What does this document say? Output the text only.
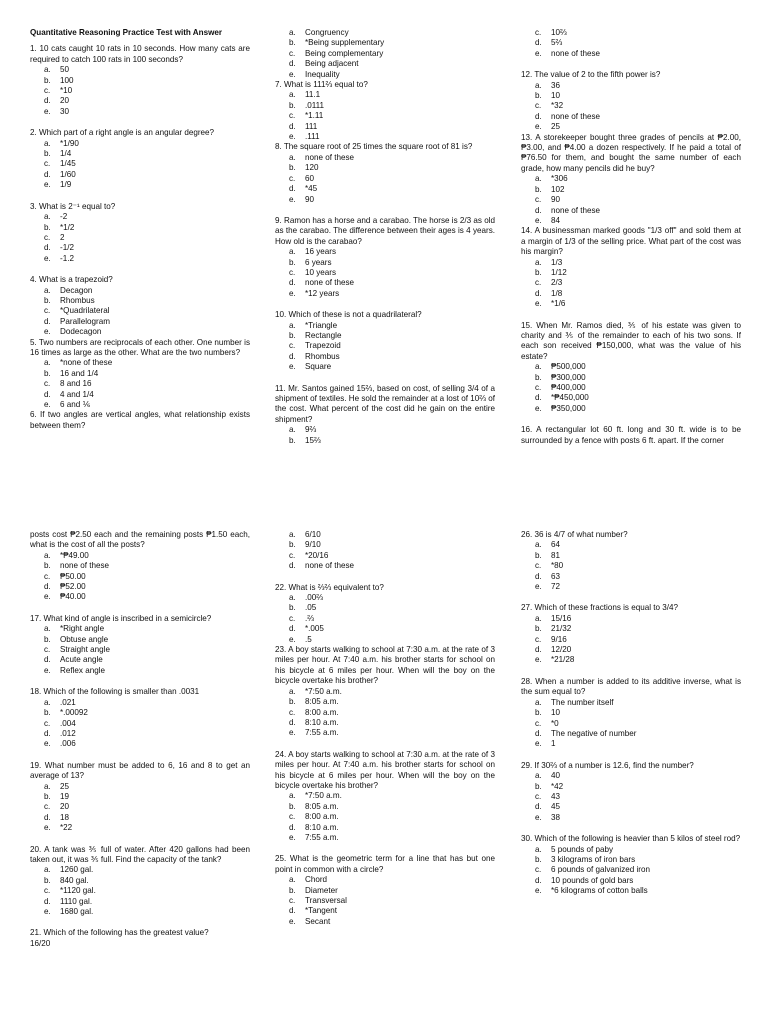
Quantitative Reasoning Practice Test with Answer
1. 10 cats caught 10 rats in 10 seconds. How many cats are required to catch 100 rats in 100 seconds?
a.	50
b.	100
c.	*10
d.	20
e.	30
2. Which part of a right angle is an angular degree?
a.	*1/90
b.	1/4
c.	1/45
d.	1/60
e.	1/9
3. What is 2⁻¹ equal to?
a.	-2
b.	*1/2
c.	2
d.	-1/2
e.	-1.2
4. What is a trapezoid?
a.	Decagon
b.	Rhombus
c.	*Quadrilateral
d.	Parallelogram
e.	Dodecagon
5. Two numbers are reciprocals of each other. One number is 16 times as large as the other. What are the two numbers?
a.	*none of these
b.	16 and 1/4
c.	8 and 16
d.	4 and 1/4
e.	6 and ⅙
6. If two angles are vertical angles, what relationship exists between them?
a.	Congruency
b.	*Being supplementary
c.	Being complementary
d.	Being adjacent
e.	Inequality
7. What is 111⅔ equal to?
a.	11.1
b.	.0111
c.	*1.11
d.	111
e.	.111
8. The square root of 25 times the square root of 81 is?
a.	none of these
b.	120
c.	60
d.	*45
e.	90
9. Ramon has a horse and a carabao. The horse is 2/3 as old as the carabao. The difference between their ages is 4 years. How old is the carabao?
a.	16 years
b.	6 years
c.	10 years
d.	none of these
e.	*12 years
10. Which of these is not a quadrilateral?
a.	*Triangle
b.	Rectangle
c.	Trapezoid
d.	Rhombus
e.	Square
11. Mr. Santos gained 15⅔, based on cost, of selling 3/4 of a shipment of textiles. He sold the remainder at a lost of 10⅔ of the cost. What percent of the cost did he gain on the entire shipment?
a.	9⅔
b.	15⅔
c.	10⅔
d.	5⅔
e.	none of these
12. The value of 2 to the fifth power is?
a.	36
b.	10
c.	*32
d.	none of these
e.	25
13. A storekeeper bought three grades of pencils at ₱2.00, ₱3.00, and ₱4.00 a dozen respectively. If he paid a total of ₱76.50 for them, and bought the same number of each grade, how many pencils did he buy?
a.	*306
b.	102
c.	90
d.	none of these
e.	84
14. A businessman marked goods "1/3 off" and sold them at a margin of 1/3 of the selling price. What part of the cost was his margin?
a.	1/3
b.	1/12
c.	2/3
d.	1/8
e.	*1/6
15. When Mr. Ramos died, ⅗ of his estate was given to charity and ⅗ of the remainder to each of his two sons. If each son received ₱150,000, what was the value of his estate?
a.	₱500,000
b.	₱300,000
c.	₱400,000
d.	*₱450,000
e.	₱350,000
16. A rectangular lot 60 ft. long and 30 ft. wide is to be surrounded by a fence with posts 6 ft. apart. If the corner
posts cost ₱2.50 each and the remaining posts ₱1.50 each, what is the cost of all the posts?
a.	*₱49.00
b.	none of these
c.	₱50.00
d.	₱52.00
e.	₱40.00
17. What kind of angle is inscribed in a semicircle?
a.	*Right angle
b.	Obtuse angle
c.	Straight angle
d.	Acute angle
e.	Reflex angle
18. Which of the following is smaller than .0031
a.	.021
b.	*.00092
c.	.004
d.	.012
e.	.006
19. What number must be added to 6, 16 and 8 to get an average of 13?
a.	25
b.	19
c.	20
d.	18
e.	*22
20. A tank was ⅗ full of water. After 420 gallons had been taken out, it was ⅗ full. Find the capacity of the tank?
a.	1260 gal.
b.	840 gal.
c.	*1120 gal.
d.	1110 gal.
e.	1680 gal.
21. Which of the following has the greatest value?
16/20
a.	6/10
b.	9/10
c.	*20/16
d.	none of these
22. What is ⅔⅔ equivalent to?
a.	.00⅔
b.	.05
c.	.⅔
d.	*.005
e.	.5
23. A boy starts walking to school at 7:30 a.m. at the rate of 3 miles per hour. At 7:40 a.m. his brother starts for school on his bicycle at 6 miles per hour. When will the boy on the bicycle overtake his brother?
a.	*7:50 a.m.
b.	8:05 a.m.
c.	8:00 a.m.
d.	8:10 a.m.
e.	7:55 a.m.
24. A boy starts walking to school at 7:30 a.m. at the rate of 3 miles per hour. At 7:40 a.m. his brother starts for school on his bicycle at 6 miles per hour. When will the boy on the bicycle overtake his brother?
a.	*7:50 a.m.
b.	8:05 a.m.
c.	8:00 a.m.
d.	8:10 a.m.
e.	7:55 a.m.
25. What is the geometric term for a line that has but one point in common with a circle?
a.	Chord
b.	Diameter
c.	Transversal
d.	*Tangent
e.	Secant
26. 36 is 4/7 of what number?
a.	64
b.	81
c.	*80
d.	63
e.	72
27. Which of these fractions is equal to 3/4?
a.	15/16
b.	21/32
c.	9/16
d.	12/20
e.	*21/28
28. When a number is added to its additive inverse, what is the sum equal to?
a.	The number itself
b.	10
c.	*0
d.	The negative of number
e.	1
29. If 30⅔ of a number is 12.6, find the number?
a.	40
b.	*42
c.	43
d.	45
e.	38
30. Which of the following is heavier than 5 kilos of steel rod?
a.	5 pounds of paby
b.	3 kilograms of iron bars
c.	6 pounds of galvanized iron
d.	10 pounds of gold bars
e.	*6 kilograms of cotton balls
